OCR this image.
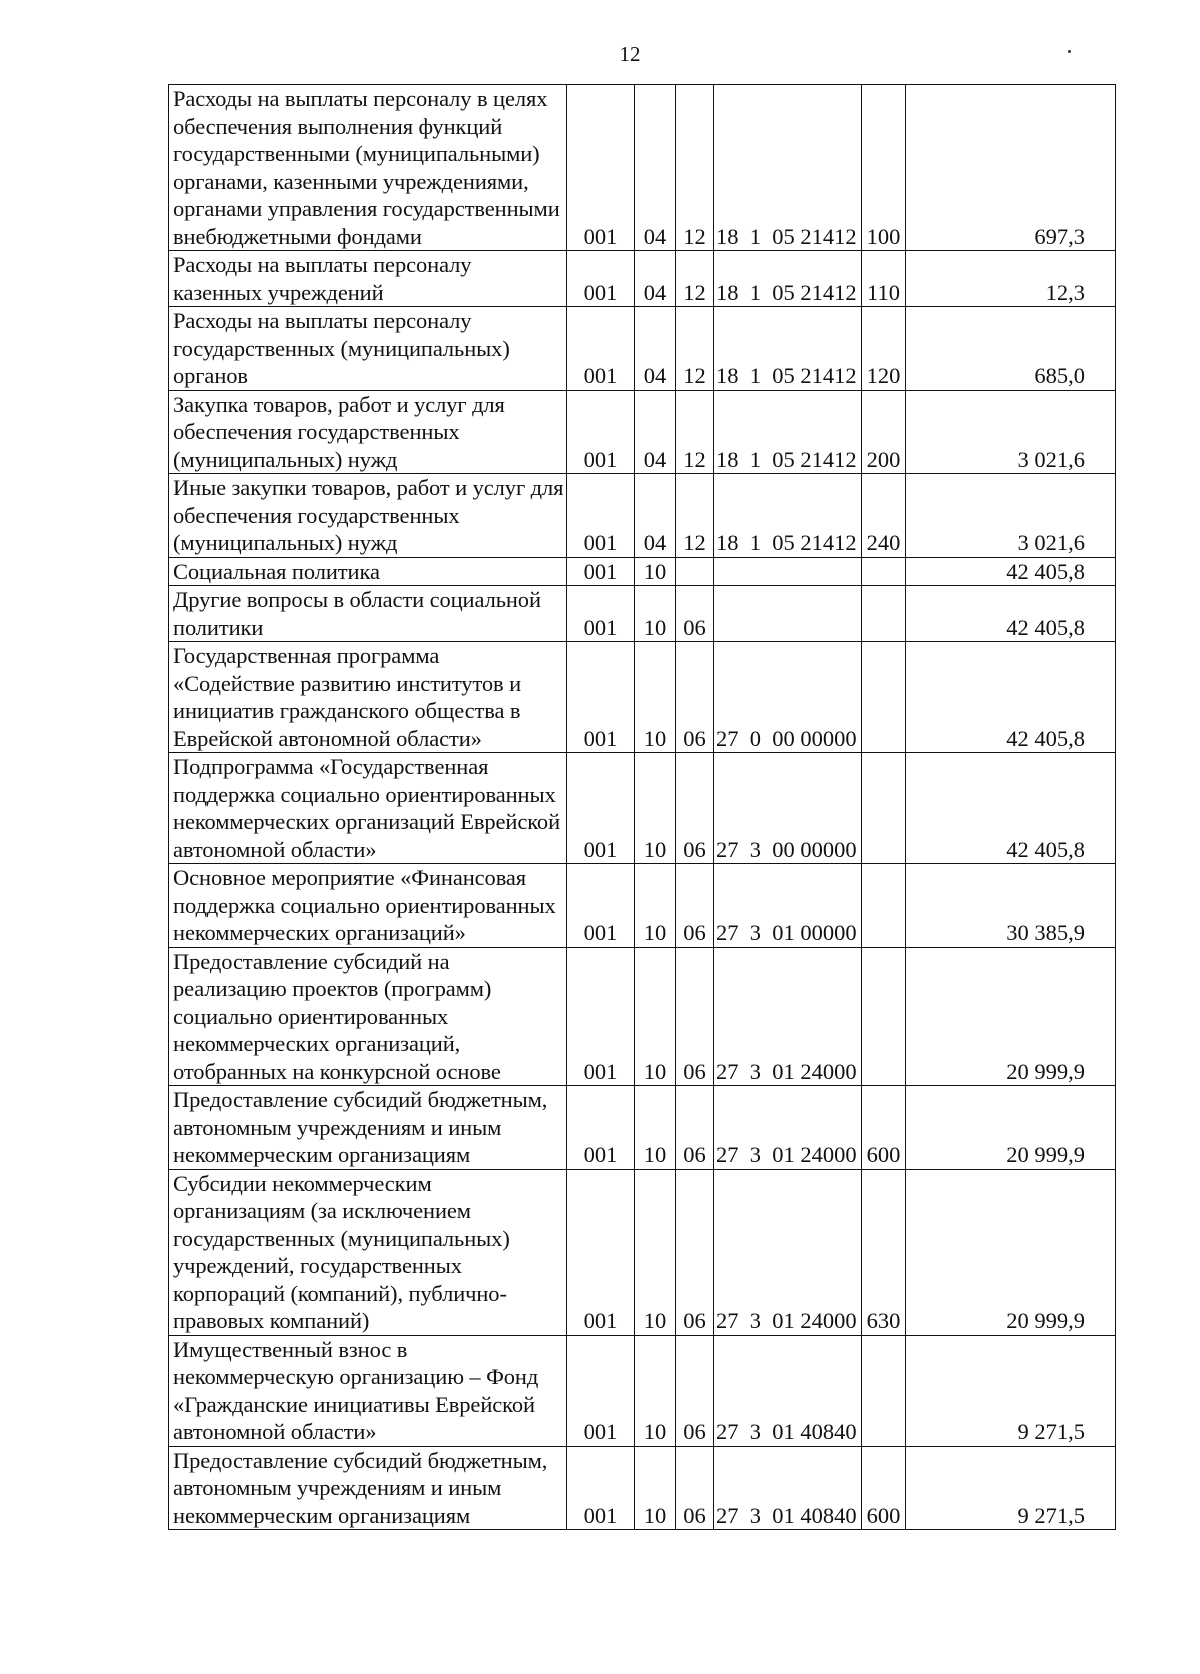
12
Расходы на выплаты персоналу в целях обеспечения выполнения функций государственными (муниципальными) органами, казенными учреждениями, органами управления государственными внебюджетными фондами	001	04	12	18  1  05 21412	100	697,3
Расходы на выплаты персоналу казенных учреждений	001	04	12	18  1  05 21412	110	12,3
Расходы на выплаты персоналу государственных (муниципальных) органов	001	04	12	18  1  05 21412	120	685,0
Закупка товаров, работ и услуг для обеспечения государственных (муниципальных) нужд	001	04	12	18  1  05 21412	200	3 021,6
Иные закупки товаров, работ и услуг для обеспечения государственных (муниципальных) нужд	001	04	12	18  1  05 21412	240	3 021,6
Социальная политика	001	10				42 405,8
Другие вопросы в области социальной политики	001	10	06			42 405,8
Государственная программа «Содействие развитию институтов и инициатив гражданского общества в Еврейской автономной области»	001	10	06	27  0  00 00000		42 405,8
Подпрограмма «Государственная поддержка социально ориентированных некоммерческих организаций Еврейской автономной области»	001	10	06	27  3  00 00000		42 405,8
Основное мероприятие «Финансовая поддержка социально ориентированных некоммерческих организаций»	001	10	06	27  3  01 00000		30 385,9
Предоставление субсидий на реализацию проектов (программ) социально ориентированных некоммерческих организаций, отобранных на конкурсной основе	001	10	06	27  3  01 24000		20 999,9
Предоставление субсидий бюджетным, автономным учреждениям и иным некоммерческим организациям	001	10	06	27  3  01 24000	600	20 999,9
Субсидии некоммерческим организациям (за исключением государственных (муниципальных) учреждений, государственных корпораций (компаний), публично-правовых компаний)	001	10	06	27  3  01 24000	630	20 999,9
Имущественный взнос в некоммерческую организацию – Фонд «Гражданские инициативы Еврейской автономной области»	001	10	06	27  3  01 40840		9 271,5
Предоставление субсидий бюджетным, автономным учреждениям и иным некоммерческим организациям	001	10	06	27  3  01 40840	600	9 271,5
